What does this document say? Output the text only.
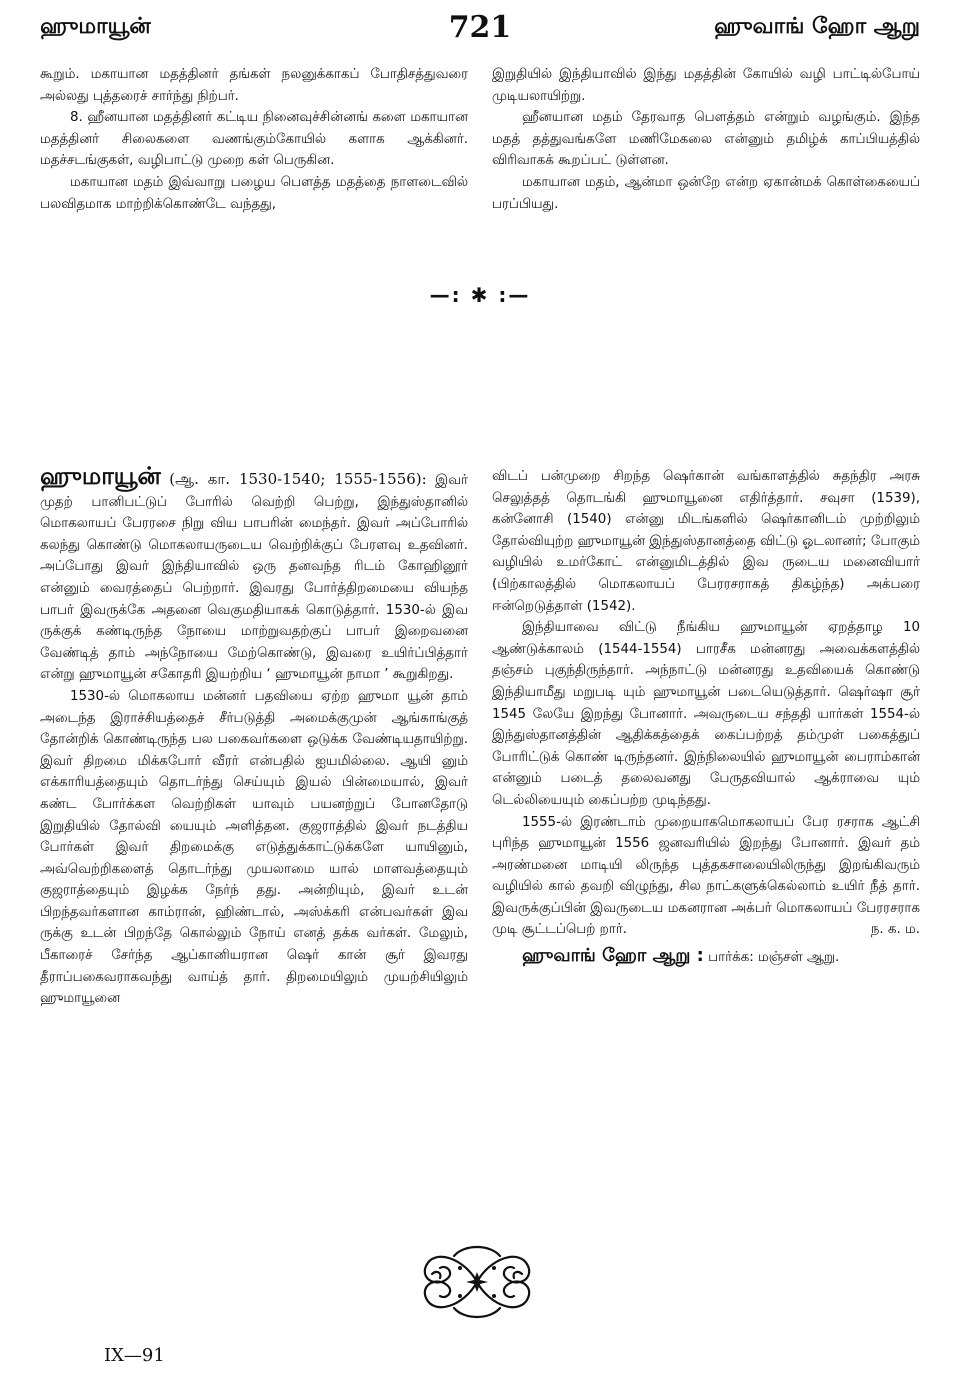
ஹுமாயூன்	721	ஹுவாங் ஹோ ஆறு

கூறும். மகாயான மதத்தினர் தங்கள் நலனுக்காகப் போதிசத்துவரை அல்லது புத்தரைச் சார்ந்து நிற்பர்.

8. ஹீனயான மதத்தினர் கட்டிய நினைவுச்சின்னங் களை மகாயான மதத்தினர் சிலைகளை வணங்கும்கோயில் களாக ஆக்கினர். மதச்சடங்குகள், வழிபாட்டு முறை கள் பெருகின.

மகாயான மதம் இவ்வாறு பழைய பௌத்த மதத்தை நாளடைவில் பலவிதமாக மாற்றிக்கொண்டே வந்தது,

இறுதியில் இந்தியாவில் இந்து மதத்தின் கோயில் வழி பாட்டில்போய் முடியலாயிற்று.

ஹீனயான மதம் தேரவாத பௌத்தம் என்றும் வழங்கும். இந்த மதத் தத்துவங்களே மணிமேகலை என்னும் தமிழ்க் காப்பியத்தில் விரிவாகக் கூறப்பட் டுள்ளன.

மகாயான மதம், ஆன்மா ஒன்றே என்ற ஏகான்மக் கொள்கையைப் பரப்பியது.

—: ✱ :—

ஹுமாயூன் (ஆ. கா. 1530-1540; 1555-1556): இவர் முதற் பானிபட்டுப் போரில் வெற்றி பெற்று, இந்துஸ்தானில் மொகலாயப் பேரரசை நிறு விய பாபரின் மைந்தர். இவர் அப்போரில் கலந்து கொண்டு மொகலாயருடைய வெற்றிக்குப் பேரளவு உதவினர். அப்போது இவர் இந்தியாவில் ஒரு தனவந்த ரிடம் கோஹினூர் என்னும் வைரத்தைப் பெற்றார். இவரது போர்த்திறமையை வியந்த பாபர் இவருக்கே அதனை வெகுமதியாகக் கொடுத்தார். 1530-ல் இவ ருக்குக் கண்டிருந்த நோயை மாற்றுவதற்குப் பாபர் இறைவனை வேண்டித் தாம் அந்நோயை மேற்கொண்டு, இவரை உயிர்ப்பித்தார் என்று ஹுமாயூன் சகோதரி இயற்றிய ‘ ஹுமாயூன் நாமா ’ கூறுகிறது.

1530-ல் மொகலாய மன்னர் பதவியை ஏற்ற ஹுமா யூன் தாம் அடைந்த இராச்சியத்தைச் சீர்படுத்தி அமைக்குமுன் ஆங்காங்குத் தோன்றிக் கொண்டிருந்த பல பகைவர்களை ஒடுக்க வேண்டியதாயிற்று. இவர் திறமை மிக்கபோர் வீரர் என்பதில் ஐயமில்லை. ஆயி னும் எக்காரியத்தையும் தொடர்ந்து செய்யும் இயல் பின்மையால், இவர் கண்ட போர்க்கள வெற்றிகள் யாவும் பயனற்றுப் போனதோடு இறுதியில் தோல்வி யையும் அளித்தன. குஜராத்தில் இவர் நடத்திய போர்கள் இவர் திறமைக்கு எடுத்துக்காட்டுக்களே யாயினும், அவ்வெற்றிகளைத் தொடர்ந்து முயலாமை யால் மாளவத்தையும் குஜராத்தையும் இழக்க நேர்ந் தது. அன்றியும், இவர் உடன் பிறந்தவர்களான காம்ரான், ஹிண்டால், அஸ்க்கரி என்பவர்கள் இவ ருக்கு உடன் பிறந்தே கொல்லும் நோய் எனத் தக்க வர்கள். மேலும், பீகாரைச் சேர்ந்த ஆப்கானியரான ஷெர் கான் சூர் இவரது தீராப்பகைவராகவந்து வாய்த் தார். திறமையிலும் முயற்சியிலும் ஹுமாயூனை

விடப் பன்முறை சிறந்த ஷெர்கான் வங்காளத்தில் சுதந்திர அரசு செலுத்தத் தொடங்கி ஹுமாயூனை எதிர்த்தார். சவுசா (1539), கன்னோசி (1540) என்னு மிடங்களில் ஷெர்கானிடம் முற்றிலும் தோல்வியுற்ற ஹுமாயூன் இந்துஸ்தானத்தை விட்டு ஓடலானர்; போகும் வழியில் உமர்கோட் என்னுமிடத்தில் இவ ருடைய மனைவியார் (பிற்காலத்தில் மொகலாயப் பேரரசராகத் திகழ்ந்த) அக்பரை ஈன்றெடுத்தாள் (1542).

இந்தியாவை விட்டு நீங்கிய ஹுமாயூன் ஏறத்தாழ 10 ஆண்டுக்காலம் (1544-1554) பாரசீக மன்னரது அவைக்களத்தில் தஞ்சம் புகுந்திருந்தார். அந்நாட்டு மன்னரது உதவியைக் கொண்டு இந்தியாமீது மறுபடி யும் ஹுமாயூன் படையெடுத்தார். ஷெர்ஷா சூர் 1545 லேயே இறந்து போனார். அவருடைய சந்ததி யார்கள் 1554-ல் இந்துஸ்தானத்தின் ஆதிக்கத்தைக் கைப்பற்றத் தம்முள் பகைத்துப் போரிட்டுக் கொண் டிருந்தனர். இந்நிலையில் ஹுமாயூன் பைராம்கான் என்னும் படைத் தலைவனது பேருதவியால் ஆக்ராவை யும் டெல்லியையும் கைப்பற்ற முடிந்தது.

1555-ல் இரண்டாம் முறையாகமொகலாயப் பேர ரசராக ஆட்சி புரிந்த ஹுமாயூன் 1556 ஜனவரியில் இறந்து போனார். இவர் தம் அரண்மனை மாடியி லிருந்த புத்தகசாலையிலிருந்து இறங்கிவரும் வழியில் கால் தவறி விழுந்து, சில நாட்களுக்கெல்லாம் உயிர் நீத் தார். இவருக்குப்பின் இவருடைய மகனரான அக்பர் மொகலாயப் பேரரசராக முடி சூட்டப்பெற் றார்.	ந. க. ம.

ஹுவாங் ஹோ ஆறு : பார்க்க: மஞ்சள் ஆறு.

IX—91
